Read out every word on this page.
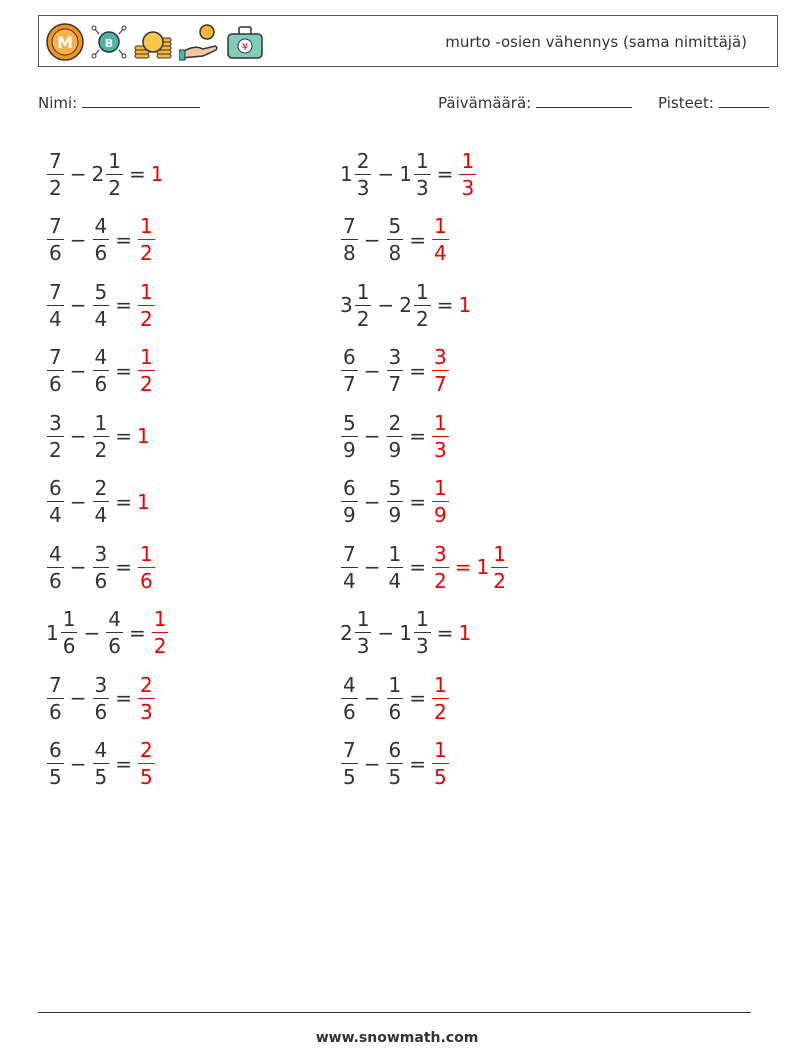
M	B	¥	murto -osien vähennys (sama nimittäjä)
Nimi:	Päivämäärä:	Pisteet:
$\frac{7}{2} - 2 \frac{1}{2} = 1$	$1 \frac{2}{3} - 1 \frac{1}{3} = \frac{1}{3}$
$\frac{7}{6} - \frac{4}{6} = \frac{1}{2}$	$\frac{7}{8} - \frac{5}{8} = \frac{1}{4}$
$\frac{7}{4} - \frac{5}{4} = \frac{1}{2}$	$3 \frac{1}{2} - 2 \frac{1}{2} = 1$
$\frac{7}{6} - \frac{4}{6} = \frac{1}{2}$	$\frac{6}{7} - \frac{3}{7} = \frac{3}{7}$
$\frac{3}{2} - \frac{1}{2} = 1$	$\frac{5}{9} - \frac{2}{9} = \frac{1}{3}$
$\frac{6}{4} - \frac{2}{4} = 1$	$\frac{6}{9} - \frac{5}{9} = \frac{1}{9}$
$\frac{4}{6} - \frac{3}{6} = \frac{1}{6}$	$\frac{7}{4} - \frac{1}{4} = \frac{3}{2} = 1 \frac{1}{2}$
$1 \frac{1}{6} - \frac{4}{6} = \frac{1}{2}$	$2 \frac{1}{3} - 1 \frac{1}{3} = 1$
$\frac{7}{6} - \frac{3}{6} = \frac{2}{3}$	$\frac{4}{6} - \frac{1}{6} = \frac{1}{2}$
$\frac{6}{5} - \frac{4}{5} = \frac{2}{5}$	$\frac{7}{5} - \frac{6}{5} = \frac{1}{5}$
www.snowmath.com
